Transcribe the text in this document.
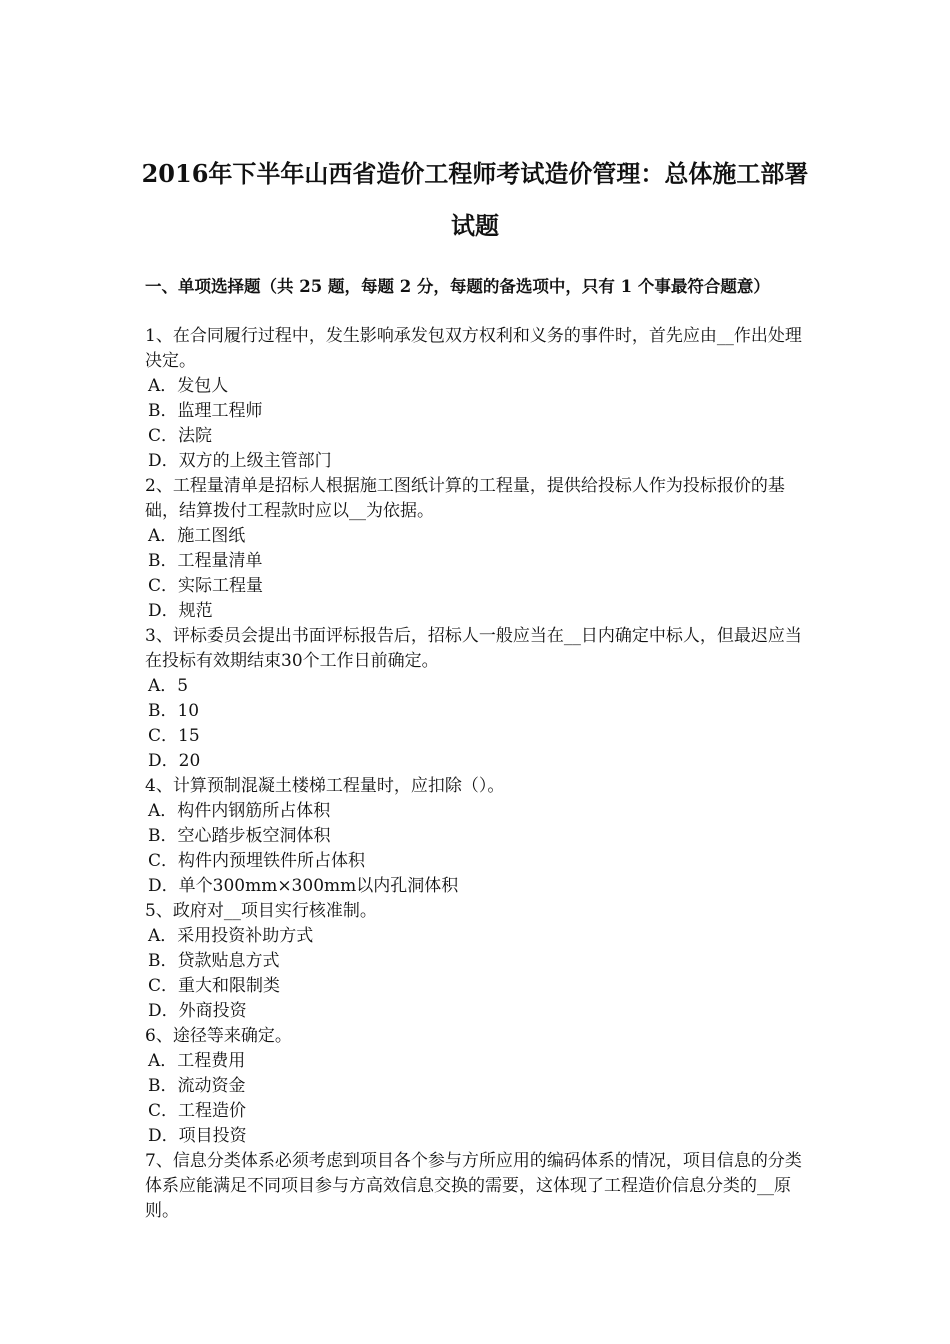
2016年下半年山西省造价工程师考试造价管理：总体施工部署试题
一、单项选择题（共 25 题，每题 2 分，每题的备选项中，只有 1 个事最符合题意）

1、在合同履行过程中，发生影响承发包双方权利和义务的事件时，首先应由__作出处理决定。

A．发包人

B．监理工程师

C．法院

D．双方的上级主管部门

2、工程量清单是招标人根据施工图纸计算的工程量，提供给投标人作为投标报价的基础，结算拨付工程款时应以__为依据。

A．施工图纸

B．工程量清单

C．实际工程量

D．规范

3、评标委员会提出书面评标报告后，招标人一般应当在__日内确定中标人，但最迟应当在投标有效期结束30个工作日前确定。

A．5

B．10

C．15

D．20

4、计算预制混凝土楼梯工程量时，应扣除（）。

A．构件内钢筋所占体积

B．空心踏步板空洞体积

C．构件内预埋铁件所占体积

D．单个300mm×300mm以内孔洞体积

5、政府对__项目实行核准制。

A．采用投资补助方式

B．贷款贴息方式

C．重大和限制类

D．外商投资

6、途径等来确定。

A．工程费用

B．流动资金

C．工程造价

D．项目投资

7、信息分类体系必须考虑到项目各个参与方所应用的编码体系的情况，项目信息的分类体系应能满足不同项目参与方高效信息交换的需要，这体现了工程造价信息分类的__原则。
